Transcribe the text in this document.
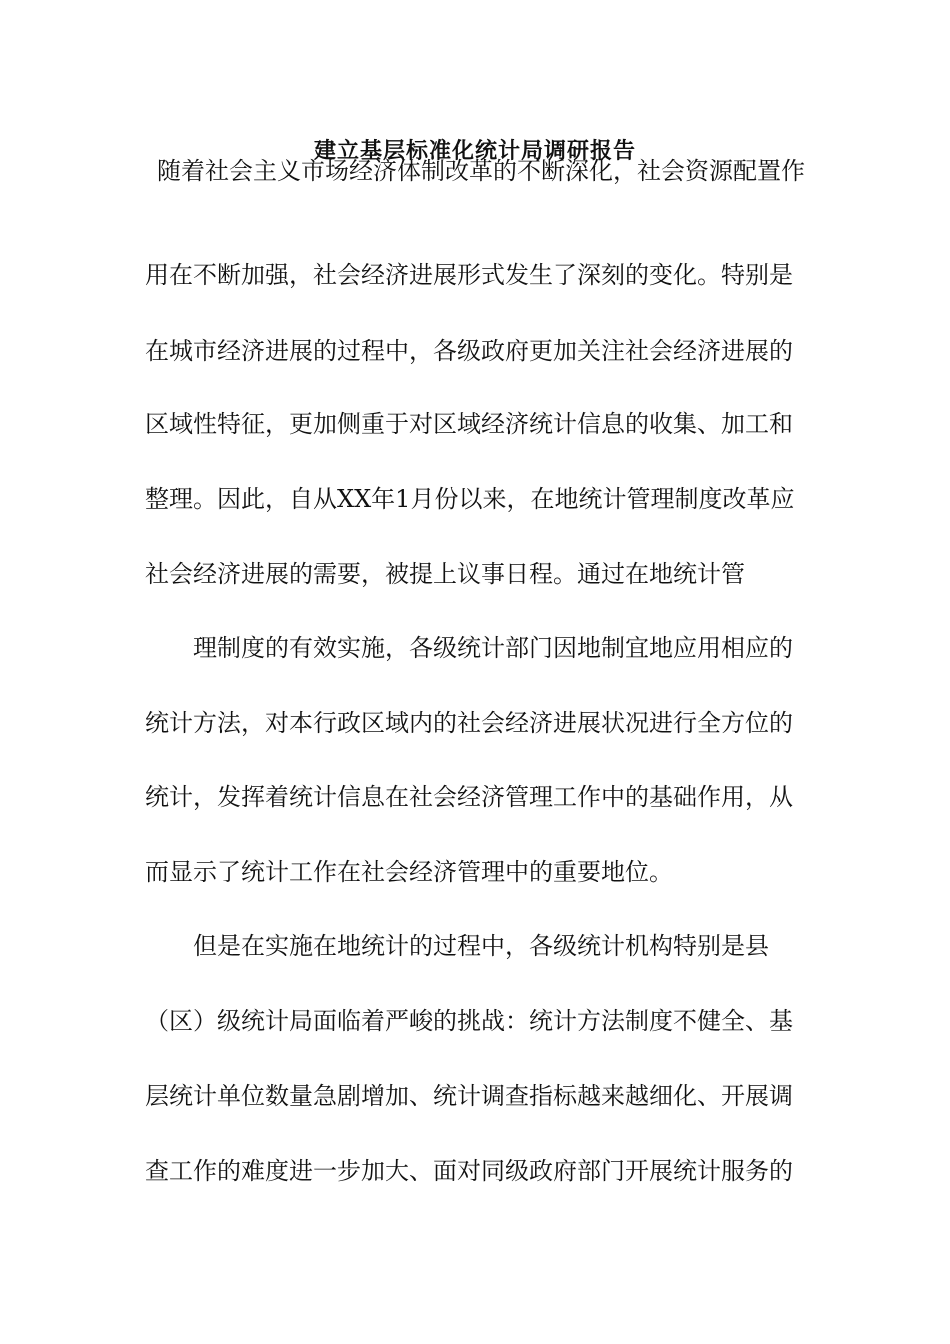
建立基层标准化统计局调研报告
随着社会主义市场经济体制改革的不断深化，社会资源配置作
用在不断加强，社会经济进展形式发生了深刻的变化。特别是
在城市经济进展的过程中，各级政府更加关注社会经济进展的
区域性特征，更加侧重于对区域经济统计信息的收集、加工和
整理。因此，自从XX年1月份以来，在地统计管理制度改革应
社会经济进展的需要，被提上议事日程。通过在地统计管
理制度的有效实施，各级统计部门因地制宜地应用相应的
统计方法，对本行政区域内的社会经济进展状况进行全方位的
统计，发挥着统计信息在社会经济管理工作中的基础作用，从
而显示了统计工作在社会经济管理中的重要地位。
但是在实施在地统计的过程中，各级统计机构特别是县
（区）级统计局面临着严峻的挑战：统计方法制度不健全、基
层统计单位数量急剧增加、统计调查指标越来越细化、开展调
查工作的难度进一步加大、面对同级政府部门开展统计服务的
